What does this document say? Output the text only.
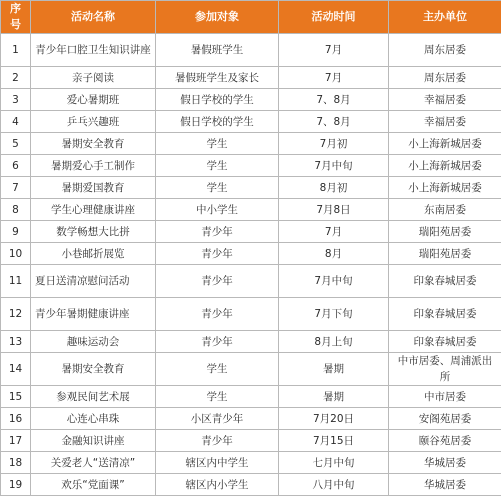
序号	活动名称	参加对象	活动时间	主办单位
1	青少年口腔卫生知识讲座	暑假班学生	7月	周东居委
2	亲子阅读	暑假班学生及家长	7月	周东居委
3	爱心暑期班	假日学校的学生	7、8月	幸福居委
4	乒乓兴趣班	假日学校的学生	7、8月	幸福居委
5	暑期安全教育	学生	7月初	小上海新城居委
6	暑期爱心手工制作	学生	7月中旬	小上海新城居委
7	暑期爱国教育	学生	8月初	小上海新城居委
8	学生心理健康讲座	中小学生	7月8日	东南居委
9	数学畅想大比拼	青少年	7月	瑞阳苑居委
10	小巷邮折展览	青少年	8月	瑞阳苑居委
11	夏日送清凉慰问活动	青少年	7月中旬	印象春城居委
12	青少年暑期健康讲座	青少年	7月下旬	印象春城居委
13	趣味运动会	青少年	8月上旬	印象春城居委
14	暑期安全教育	学生	暑期	中市居委、周浦派出所
15	参观民间艺术展	学生	暑期	中市居委
16	心连心串珠	小区青少年	7月20日	安阁苑居委
17	金融知识讲座	青少年	7月15日	颐谷苑居委
18	关爱老人“送清凉”	辖区内中学生	七月中旬	华城居委
19	欢乐“党面课”	辖区内小学生	八月中旬	华城居委
